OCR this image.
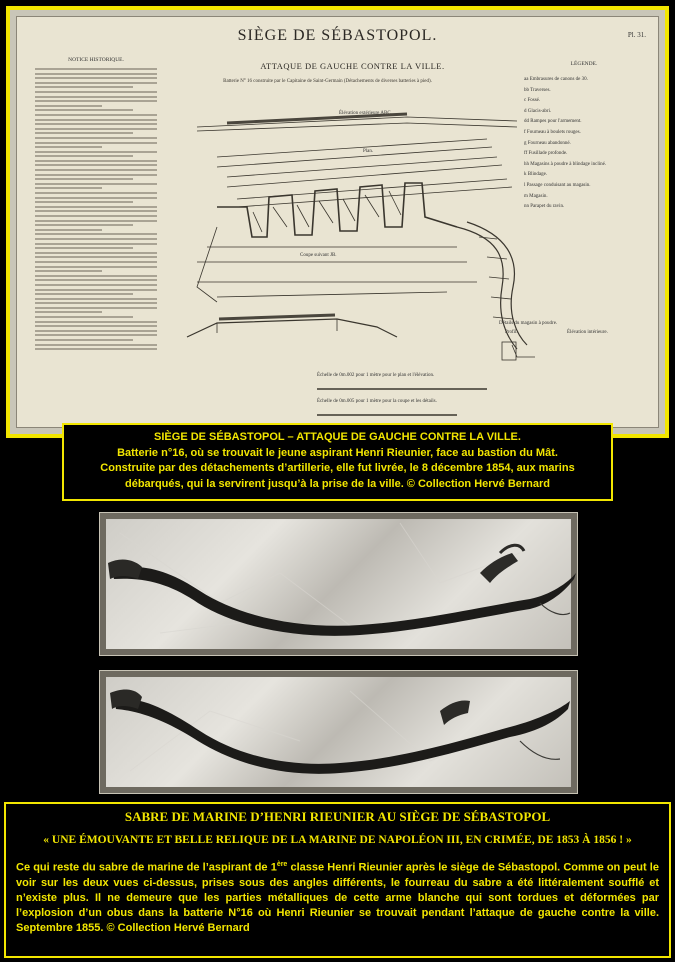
SIÈGE DE SÉBASTOPOL.	Pl. 31.
ATTAQUE DE GAUCHE CONTRE LA VILLE.
Batterie N° 16 construite par le Capitaine de Saint-Germain (Détachements de diverses batteries à pied).
NOTICE HISTORIQUE.
LÉGENDE.
aa Embrasures de canons de 30.
bb Traverses.
c Fossé.
d Glacis-abri.
dd Rampes pour l'armement.
f Fourneau à boulets rouges.
g Fourneau abandonné.
ff Fusillade profonde.
hh Magasins à poudre à blindage incliné.
k Blindage.
l Passage conduisant au magasin.
m Magasin.
nn Parapet du ravin.
Élévation extérieure ABC.
Plan.
Coupe suivant JB.
Détails du magasin à poudre.
Profil.	Élévation intérieure.
Échelle de 0m.002 pour 1 mètre pour le plan et l'élévation.
Échelle de 0m.005 pour 1 mètre pour la coupe et les détails.
SIÈGE DE SÉBASTOPOL – ATTAQUE DE GAUCHE CONTRE LA VILLE.
Batterie n°16, où se trouvait le jeune aspirant Henri Rieunier, face au bastion du Mât.
Construite par des détachements d’artillerie, elle fut livrée, le 8 décembre 1854, aux marins
débarqués, qui la servirent jusqu’à la prise de la ville. © Collection Hervé Bernard
SABRE DE MARINE D’HENRI RIEUNIER AU SIÈGE DE SÉBASTOPOL
« UNE ÉMOUVANTE ET BELLE RELIQUE DE LA MARINE DE NAPOLÉON III, EN CRIMÉE, DE 1853 À 1856 ! »
Ce qui reste du sabre de marine de l’aspirant de 1ère classe Henri Rieunier après le siège de Sébastopol. Comme on peut le voir sur les deux vues ci-dessus, prises sous des angles différents, le fourreau du sabre a été littéralement soufflé et n’existe plus. Il ne demeure que les parties métalliques de cette arme blanche qui sont tordues et déformées par l’explosion d’un obus dans la batterie N°16 où Henri Rieunier se trouvait pendant l’attaque de gauche contre la ville. Septembre 1855. © Collection Hervé Bernard
